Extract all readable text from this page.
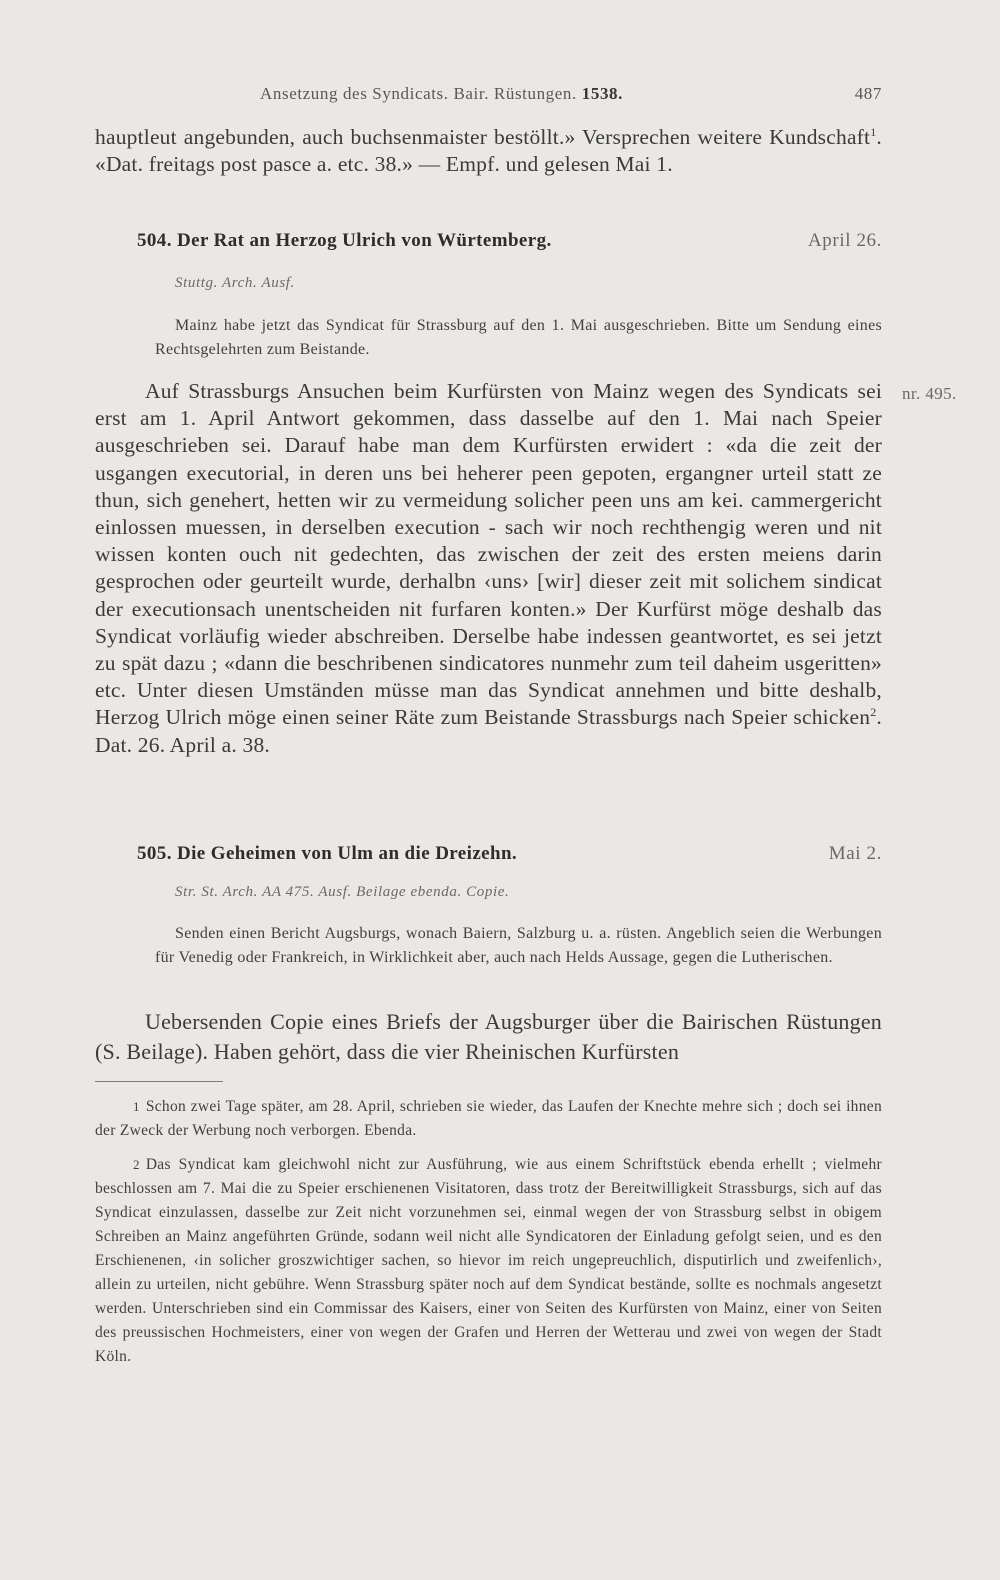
Ansetzung des Syndicats. Bair. Rüstungen. 1538.	487
hauptleut angebunden, auch buchsenmaister bestöllt.» Versprechen weitere Kundschaft$^1$. «Dat. freitags post pasce a. etc. 38.» — Empf. und gelesen Mai 1.
504. Der Rat an Herzog Ulrich von Würtemberg.	April 26.
Stuttg. Arch. Ausf.
Mainz habe jetzt das Syndicat für Strassburg auf den 1. Mai ausgeschrieben. Bitte um Sendung eines Rechtsgelehrten zum Beistande.
nr. 495.
Auf Strassburgs Ansuchen beim Kurfürsten von Mainz wegen des Syndicats sei erst am 1. April Antwort gekommen, dass dasselbe auf den 1. Mai nach Speier ausgeschrieben sei. Darauf habe man dem Kurfürsten erwidert : «da die zeit der usgangen executorial, in deren uns bei heherer peen gepoten, ergangner urteil statt ze thun, sich genehert, hetten wir zu vermeidung solicher peen uns am kei. cammergericht einlossen muessen, in derselben execution - sach wir noch rechthengig weren und nit wissen konten ouch nit gedechten, das zwischen der zeit des ersten meiens darin gesprochen oder geurteilt wurde, derhalbn ‹uns› [wir] dieser zeit mit solichem sindicat der executionsach unentscheiden nit furfaren konten.» Der Kurfürst möge deshalb das Syndicat vorläufig wieder abschreiben. Derselbe habe indessen geantwortet, es sei jetzt zu spät dazu ; «dann die beschribenen sindicatores nunmehr zum teil daheim usgeritten» etc. Unter diesen Umständen müsse man das Syndicat annehmen und bitte deshalb, Herzog Ulrich möge einen seiner Räte zum Beistande Strassburgs nach Speier schicken$^2$. Dat. 26. April a. 38.
505. Die Geheimen von Ulm an die Dreizehn.	Mai 2.
Str. St. Arch. AA 475. Ausf. Beilage ebenda. Copie.
Senden einen Bericht Augsburgs, wonach Baiern, Salzburg u. a. rüsten. Angeblich seien die Werbungen für Venedig oder Frankreich, in Wirklichkeit aber, auch nach Helds Aussage, gegen die Lutherischen.
Uebersenden Copie eines Briefs der Augsburger über die Bairischen Rüstungen (S. Beilage). Haben gehört, dass die vier Rheinischen Kurfürsten
1 Schon zwei Tage später, am 28. April, schrieben sie wieder, das Laufen der Knechte mehre sich ; doch sei ihnen der Zweck der Werbung noch verborgen. Ebenda.
2 Das Syndicat kam gleichwohl nicht zur Ausführung, wie aus einem Schriftstück ebenda erhellt ; vielmehr beschlossen am 7. Mai die zu Speier erschienenen Visitatoren, dass trotz der Bereitwilligkeit Strassburgs, sich auf das Syndicat einzulassen, dasselbe zur Zeit nicht vorzunehmen sei, einmal wegen der von Strassburg selbst in obigem Schreiben an Mainz angeführten Gründe, sodann weil nicht alle Syndicatoren der Einladung gefolgt seien, und es den Erschienenen, ‹in solicher groszwichtiger sachen, so hievor im reich ungepreuchlich, disputirlich und zweifenlich›, allein zu urteilen, nicht gebühre. Wenn Strassburg später noch auf dem Syndicat bestände, sollte es nochmals angesetzt werden. Unterschrieben sind ein Commissar des Kaisers, einer von Seiten des Kurfürsten von Mainz, einer von Seiten des preussischen Hochmeisters, einer von wegen der Grafen und Herren der Wetterau und zwei von wegen der Stadt Köln.
